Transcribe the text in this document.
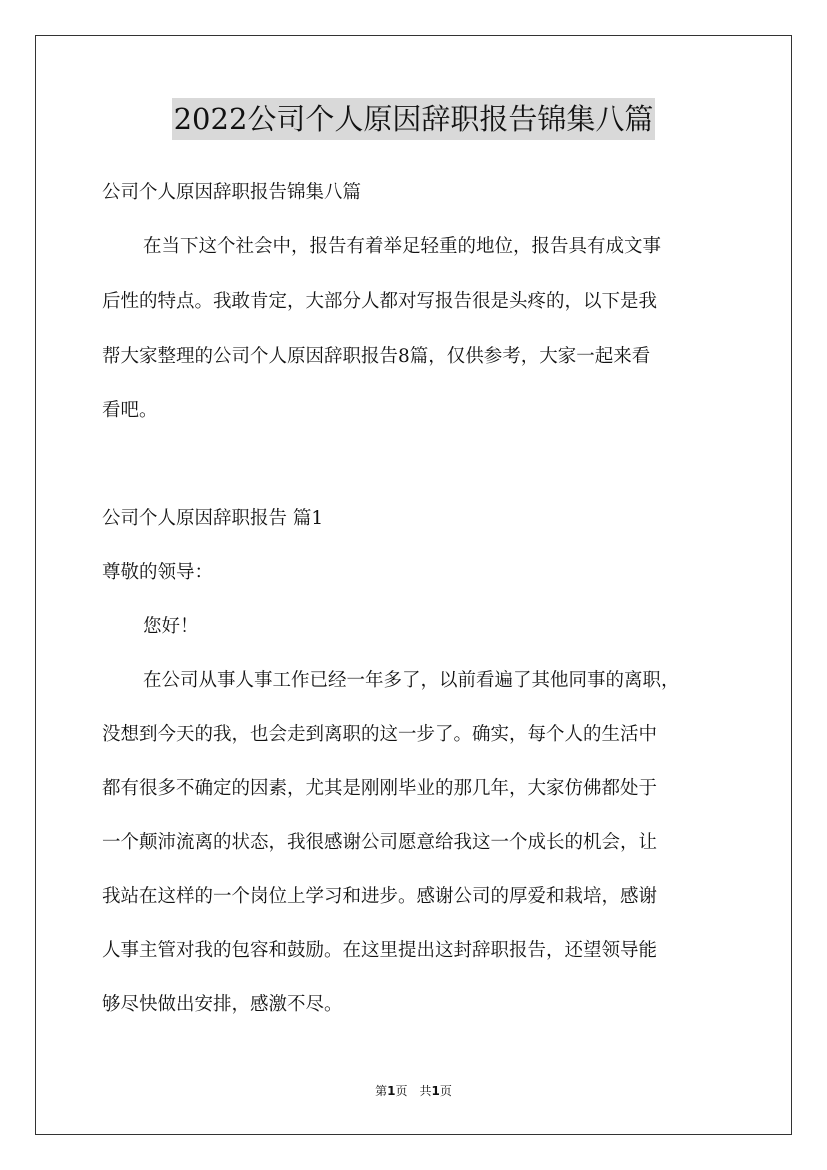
2022公司个人原因辞职报告锦集八篇
公司个人原因辞职报告锦集八篇
在当下这个社会中，报告有着举足轻重的地位，报告具有成文事
后性的特点。我敢肯定，大部分人都对写报告很是头疼的，以下是我
帮大家整理的公司个人原因辞职报告8篇，仅供参考，大家一起来看
看吧。
公司个人原因辞职报告 篇1
尊敬的领导：
您好！
在公司从事人事工作已经一年多了，以前看遍了其他同事的离职，
没想到今天的我，也会走到离职的这一步了。确实，每个人的生活中
都有很多不确定的因素，尤其是刚刚毕业的那几年，大家仿佛都处于
一个颠沛流离的状态，我很感谢公司愿意给我这一个成长的机会，让
我站在这样的一个岗位上学习和进步。感谢公司的厚爱和栽培，感谢
人事主管对我的包容和鼓励。在这里提出这封辞职报告，还望领导能
够尽快做出安排，感激不尽。
第1页　共1页
